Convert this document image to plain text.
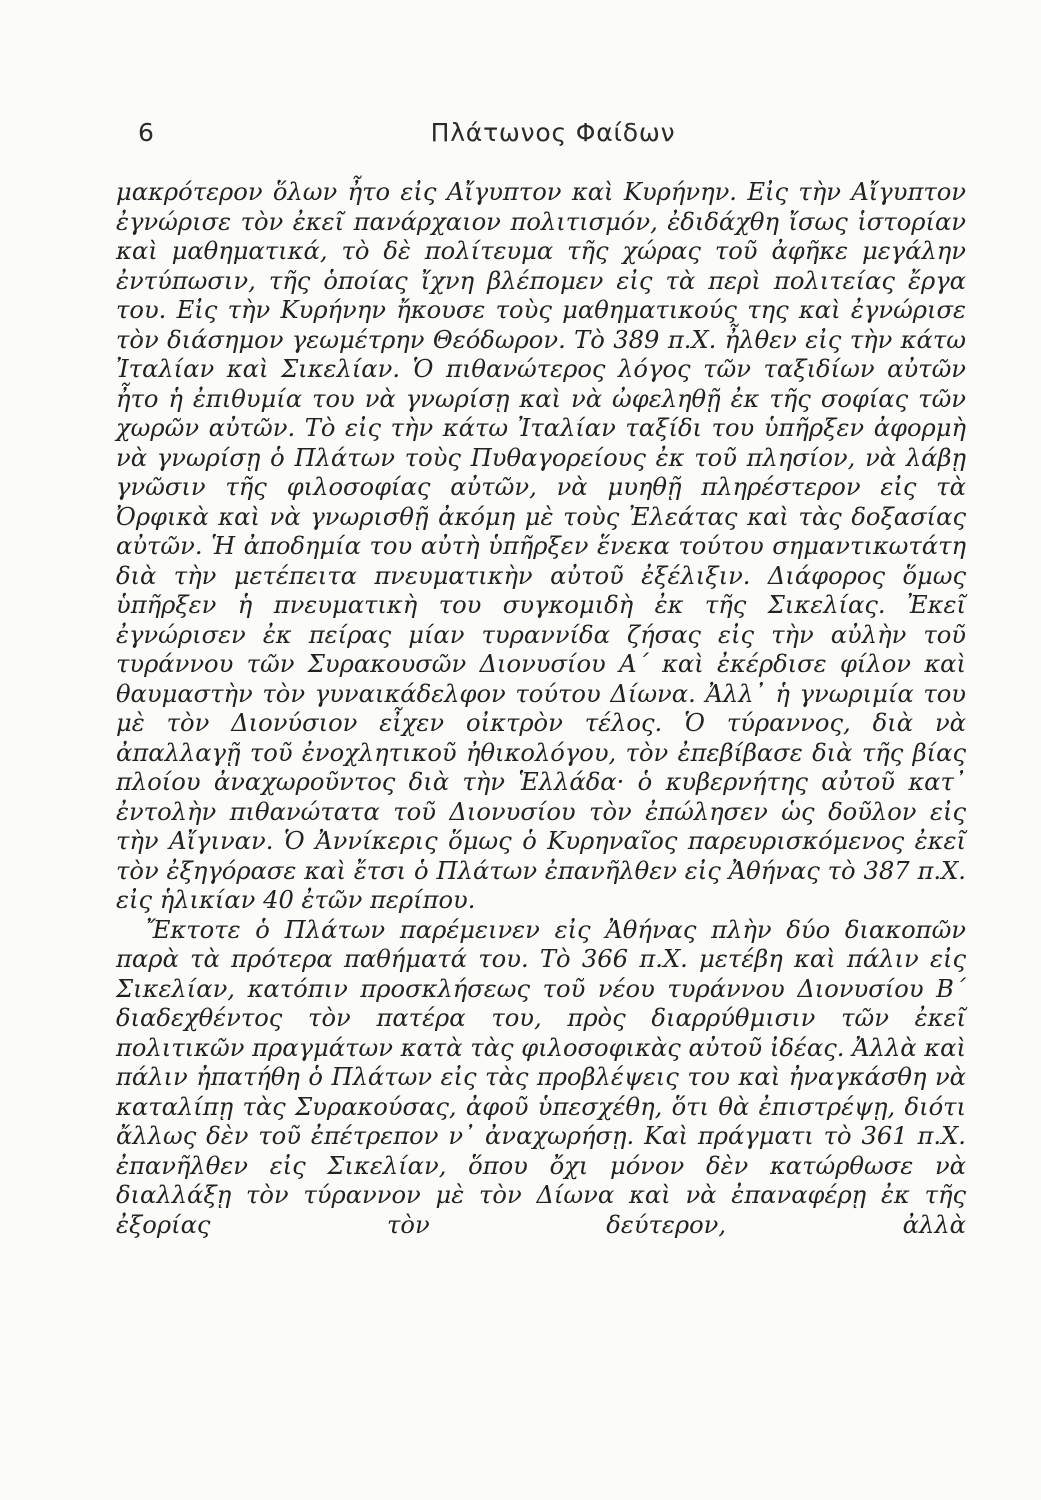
6	Πλάτωνος Φαίδων

μακρότερον ὅλων ἦτο εἰς Αἴγυπτον καὶ Κυρήνην. Εἰς τὴν Αἴγυπτον ἐγνώρισε τὸν ἐκεῖ πανάρχαιον πολιτισμόν, ἐδιδάχθη ἴσως ἱστορίαν καὶ μαθηματικά, τὸ δὲ πολίτευμα τῆς χώρας τοῦ ἀφῆκε μεγάλην ἐντύπωσιν, τῆς ὁποίας ἴχνη βλέπομεν εἰς τὰ περὶ πολιτείας ἔργα του. Εἰς τὴν Κυρήνην ἤκουσε τοὺς μαθηματικούς της καὶ ἐγνώρισε τὸν διάσημον γεωμέτρην Θεόδωρον. Τὸ 389 π.Χ. ἦλθεν εἰς τὴν κάτω Ἰταλίαν καὶ Σικελίαν. Ὁ πιθανώτερος λόγος τῶν ταξιδίων αὐτῶν ἦτο ἡ ἐπιθυμία του νὰ γνωρίσῃ καὶ νὰ ὠφεληθῇ ἐκ τῆς σοφίας τῶν χωρῶν αὐτῶν. Τὸ εἰς τὴν κάτω Ἰταλίαν ταξίδι του ὑπῆρξεν ἀφορμὴ νὰ γνωρίσῃ ὁ Πλάτων τοὺς Πυθαγορείους ἐκ τοῦ πλησίον, νὰ λάβῃ γνῶσιν τῆς φιλοσοφίας αὐτῶν, νὰ μυηθῇ πληρέστερον εἰς τὰ Ὀρφικὰ καὶ νὰ γνωρισθῇ ἀκόμη μὲ τοὺς Ἐλεάτας καὶ τὰς δοξασίας αὐτῶν. Ἡ ἀποδημία του αὐτὴ ὑπῆρξεν ἕνεκα τούτου σημαντικωτάτη διὰ τὴν μετέπειτα πνευματικὴν αὐτοῦ ἐξέλιξιν. Διάφορος ὅμως ὑπῆρξεν ἡ πνευματικὴ του συγκομιδὴ ἐκ τῆς Σικελίας. Ἐκεῖ ἐγνώρισεν ἐκ πείρας μίαν τυραννίδα ζήσας εἰς τὴν αὐλὴν τοῦ τυράννου τῶν Συρακουσῶν Διονυσίου Α΄ καὶ ἐκέρδισε φίλον καὶ θαυμαστὴν τὸν γυναικάδελφον τούτου Δίωνα. Ἀλλ᾽ ἡ γνωριμία του μὲ τὸν Διονύσιον εἶχεν οἰκτρὸν τέλος. Ὁ τύραννος, διὰ νὰ ἀπαλλαγῇ τοῦ ἐνοχλητικοῦ ἠθικολόγου, τὸν ἐπεβίβασε διὰ τῆς βίας πλοίου ἀναχωροῦντος διὰ τὴν Ἑλλάδα· ὁ κυβερνήτης αὐτοῦ κατ᾽ ἐντολὴν πιθανώτατα τοῦ Διονυσίου τὸν ἐπώλησεν ὡς δοῦλον εἰς τὴν Αἴγιναν. Ὁ Ἀννίκερις ὅμως ὁ Κυρηναῖος παρευρισκόμενος ἐκεῖ τὸν ἐξηγόρασε καὶ ἔτσι ὁ Πλάτων ἐπανῆλθεν εἰς Ἀθήνας τὸ 387 π.Χ. εἰς ἡλικίαν 40 ἐτῶν περίπου.

Ἔκτοτε ὁ Πλάτων παρέμεινεν εἰς Ἀθήνας πλὴν δύο διακοπῶν παρὰ τὰ πρότερα παθήματά του. Τὸ 366 π.Χ. μετέβη καὶ πάλιν εἰς Σικελίαν, κατόπιν προσκλήσεως τοῦ νέου τυράννου Διονυσίου Β΄ διαδεχθέντος τὸν πατέρα του, πρὸς διαρρύθμισιν τῶν ἐκεῖ πολιτικῶν πραγμάτων κατὰ τὰς φιλοσοφικὰς αὐτοῦ ἰδέας. Ἀλλὰ καὶ πάλιν ἠπατήθη ὁ Πλάτων εἰς τὰς προβλέψεις του καὶ ἠναγκάσθη νὰ καταλίπῃ τὰς Συρακούσας, ἀφοῦ ὑπεσχέθη, ὅτι θὰ ἐπιστρέψῃ, διότι ἄλλως δὲν τοῦ ἐπέτρεπον ν᾽ ἀναχωρήσῃ. Καὶ πράγματι τὸ 361 π.Χ. ἐπανῆλθεν εἰς Σικελίαν, ὅπου ὄχι μόνον δὲν κατώρθωσε νὰ διαλλάξῃ τὸν τύραννον μὲ τὸν Δίωνα καὶ νὰ ἐπαναφέρῃ ἐκ τῆς ἐξορίας τὸν δεύτερον, ἀλλὰ
